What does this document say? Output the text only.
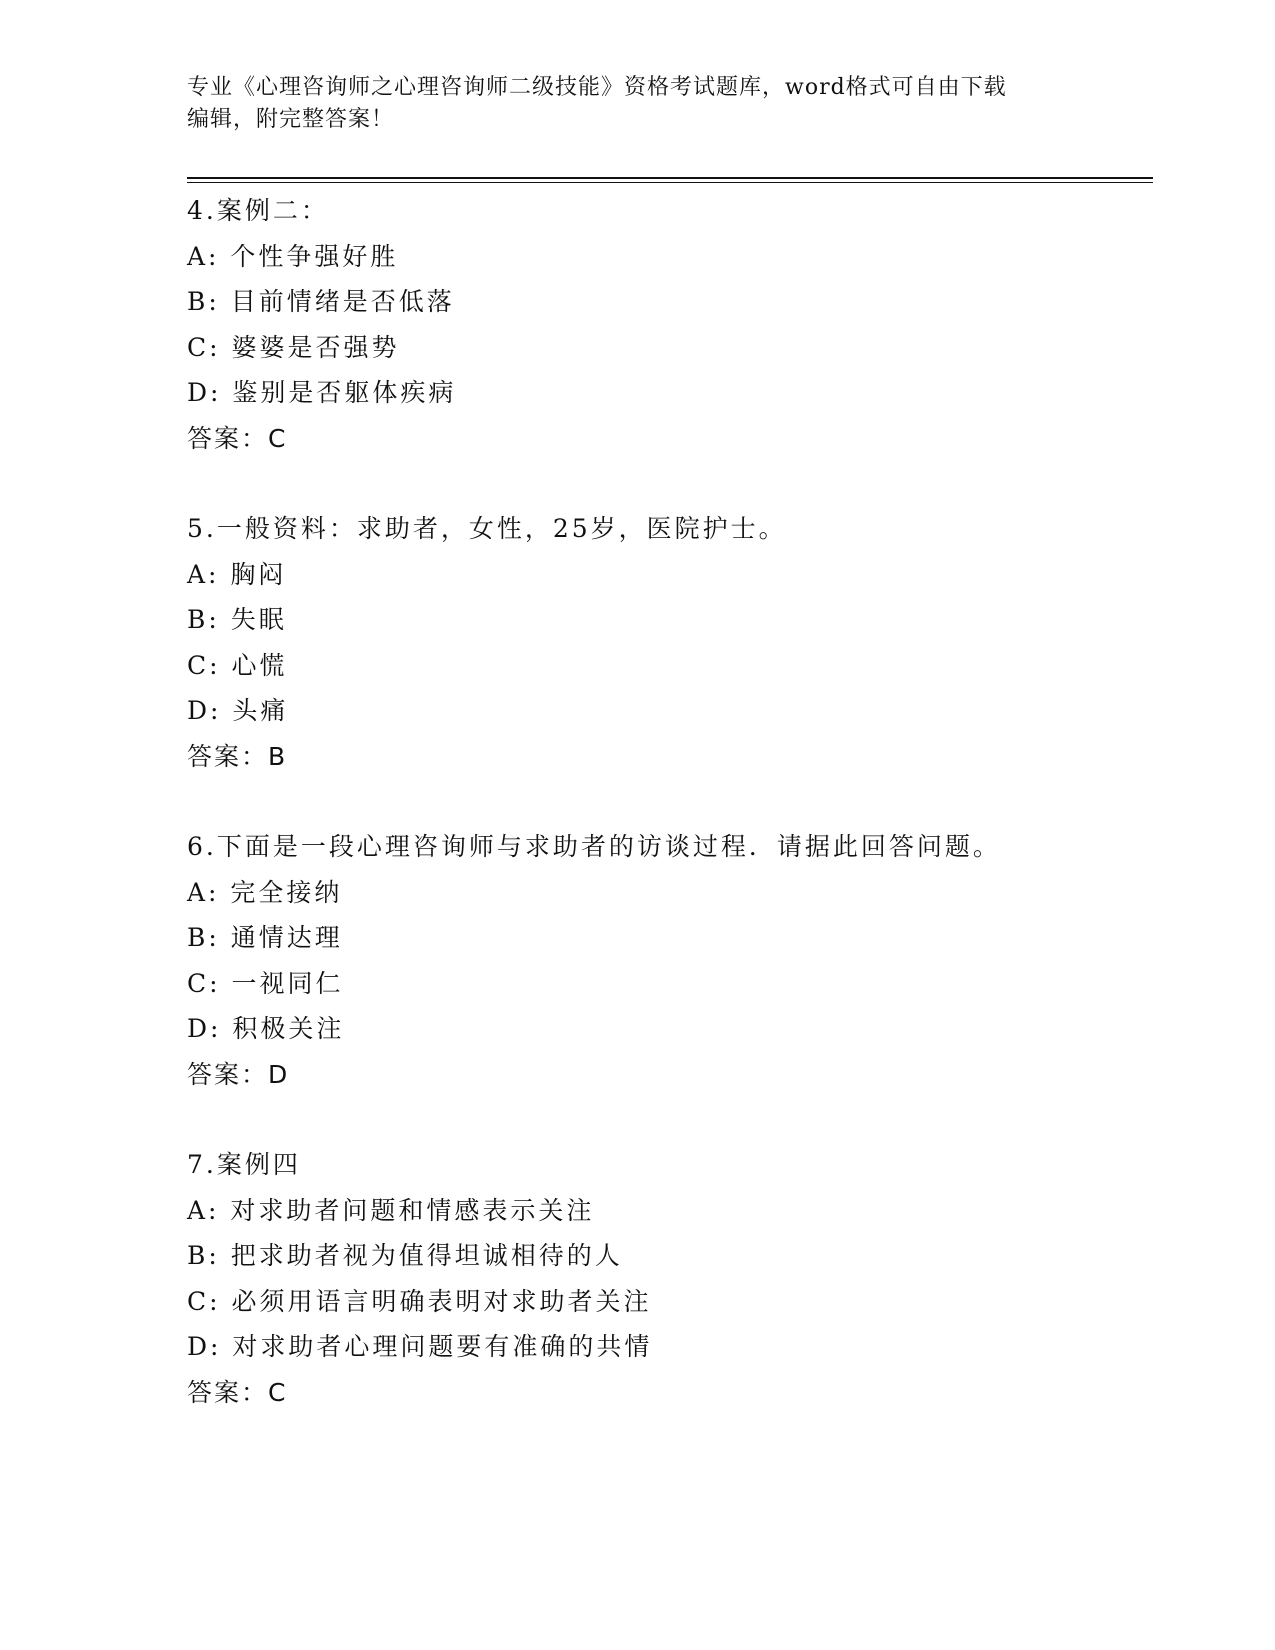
专业《心理咨询师之心理咨询师二级技能》资格考试题库，word格式可自由下载
编辑，附完整答案！
4.案例二：
A: 个性争强好胜
B: 目前情绪是否低落
C: 婆婆是否强势
D: 鉴别是否躯体疾病
答案：C
5.一般资料：求助者，女性，25岁，医院护士。
A: 胸闷
B: 失眠
C: 心慌
D: 头痛
答案：B
6.下面是一段心理咨询师与求助者的访谈过程．请据此回答问题。
A: 完全接纳
B: 通情达理
C: 一视同仁
D: 积极关注
答案：D
7.案例四
A: 对求助者问题和情感表示关注
B: 把求助者视为值得坦诚相待的人
C: 必须用语言明确表明对求助者关注
D: 对求助者心理问题要有准确的共情
答案：C
